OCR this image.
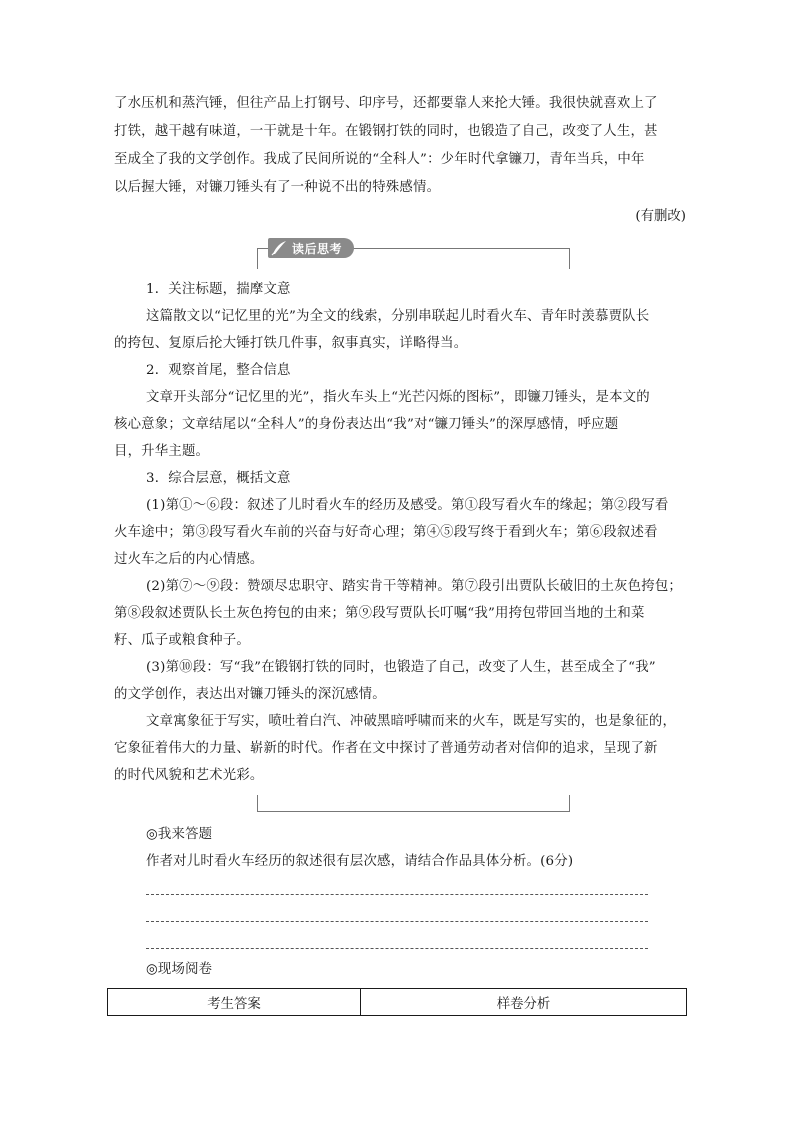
了水压机和蒸汽锤，但往产品上打钢号、印序号，还都要靠人来抡大锤。我很快就喜欢上了
打铁，越干越有味道，一干就是十年。在锻钢打铁的同时，也锻造了自己，改变了人生，甚
至成全了我的文学创作。我成了民间所说的“全科人”：少年时代拿镰刀，青年当兵，中年
以后握大锤，对镰刀锤头有了一种说不出的特殊感情。
(有删改)
读后思考
1．关注标题，揣摩文意
这篇散文以“记忆里的光”为全文的线索，分别串联起儿时看火车、青年时羡慕贾队长
的挎包、复原后抡大锤打铁几件事，叙事真实，详略得当。
2．观察首尾，整合信息
文章开头部分“记忆里的光”，指火车头上“光芒闪烁的图标”，即镰刀锤头，是本文的
核心意象；文章结尾以“全科人”的身份表达出“我”对“镰刀锤头”的深厚感情，呼应题
目，升华主题。
3．综合层意，概括文意
(1)第①～⑥段：叙述了儿时看火车的经历及感受。第①段写看火车的缘起；第②段写看
火车途中；第③段写看火车前的兴奋与好奇心理；第④⑤段写终于看到火车；第⑥段叙述看
过火车之后的内心情感。
(2)第⑦～⑨段：赞颂尽忠职守、踏实肯干等精神。第⑦段引出贾队长破旧的土灰色挎包；
第⑧段叙述贾队长土灰色挎包的由来；第⑨段写贾队长叮嘱“我”用挎包带回当地的土和菜
籽、瓜子或粮食种子。
(3)第⑩段：写“我”在锻钢打铁的同时，也锻造了自己，改变了人生，甚至成全了“我”
的文学创作，表达出对镰刀锤头的深沉感情。
文章寓象征于写实，喷吐着白汽、冲破黑暗呼啸而来的火车，既是写实的，也是象征的，
它象征着伟大的力量、崭新的时代。作者在文中探讨了普通劳动者对信仰的追求，呈现了新
的时代风貌和艺术光彩。
◎我来答题
作者对儿时看火车经历的叙述很有层次感，请结合作品具体分析。(6分)
◎现场阅卷
考生答案	样卷分析
